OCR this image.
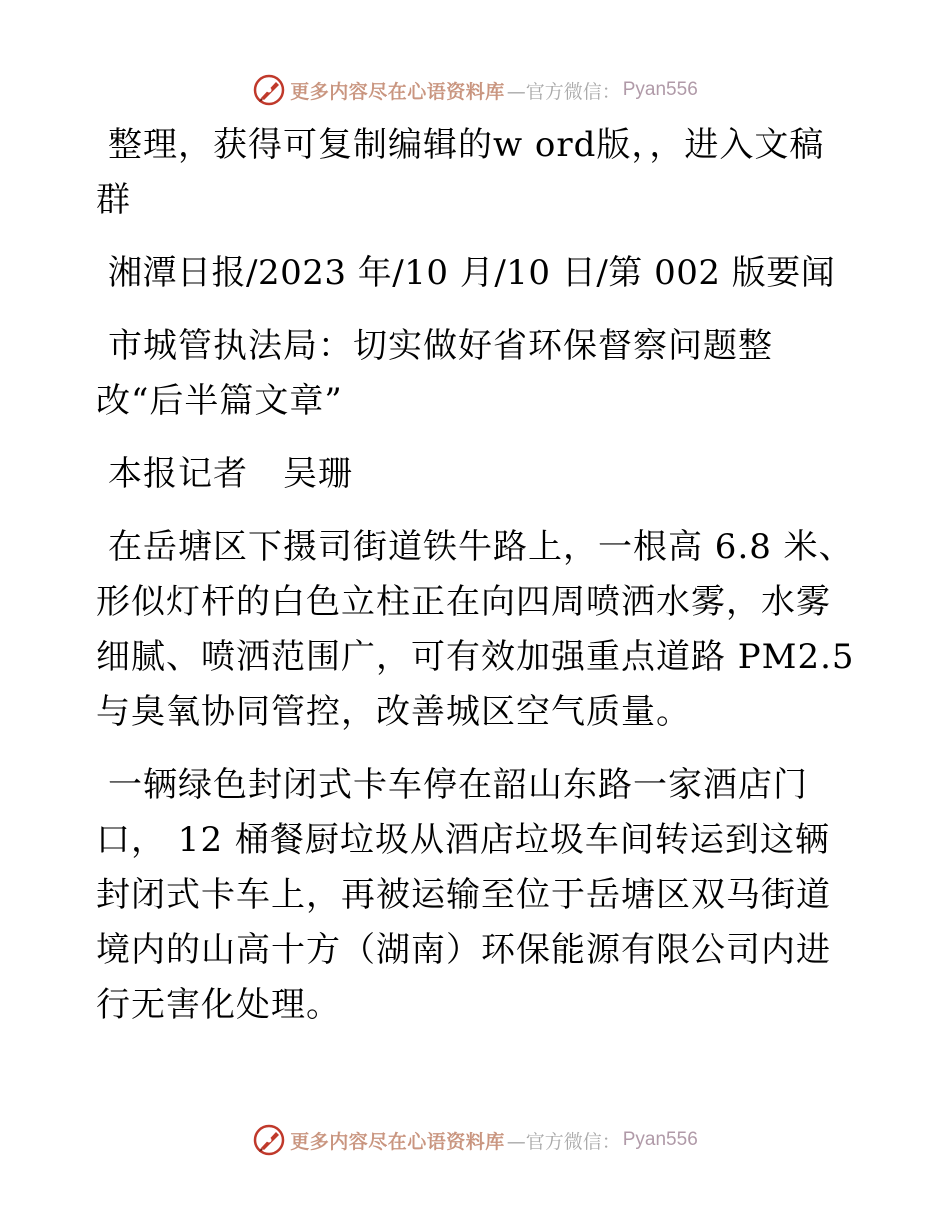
更多内容尽在心语资料库 —官方微信： Pyan556

整理，获得可复制编辑的w ord版，，进入文稿群

湘潭日报/2023 年/10 月/10 日/第 002 版要闻

市城管执法局：切实做好省环保督察问题整改“后半篇文章”

本报记者　吴珊

在岳塘区下摄司街道铁牛路上，一根高 6.8 米、形似灯杆的白色立柱正在向四周喷洒水雾，水雾细腻、喷洒范围广，可有效加强重点道路 PM2.5 与臭氧协同管控，改善城区空气质量。

一辆绿色封闭式卡车停在韶山东路一家酒店门口， 12 桶餐厨垃圾从酒店垃圾车间转运到这辆封闭式卡车上，再被运输至位于岳塘区双马街道境内的山高十方（湖南）环保能源有限公司内进行无害化处理。

更多内容尽在心语资料库 —官方微信： Pyan556
